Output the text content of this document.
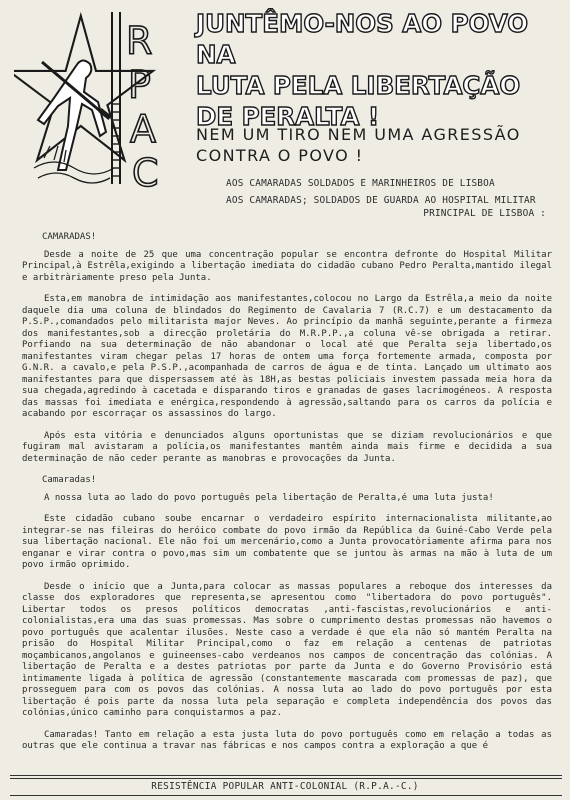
R
P
A
C
JUNTÊMO-NOS AO POVO NA
LUTA PELA LIBERTAÇÃO
DE PERALTA !
NEM UM TIRO NEM UMA AGRESSÃO
CONTRA O POVO !
AOS CAMARADAS SOLDADOS E MARINHEIROS DE LISBOA
AOS CAMARADAS; SOLDADOS DE GUARDA AO HOSPITAL MILITAR
PRINCIPAL DE LISBOA :

CAMARADAS!

Desde a noite de 25 que uma concentração popular se encontra defronte do Hospital Militar Principal,à Estrêla,exigindo a libertação imediata do cidadão cubano Pedro Peralta,mantido ilegal e arbitràriamente preso pela Junta.

Esta,em manobra de intimidação aos manifestantes,colocou no Largo da Estrêla,a meio da noite daquele dia uma coluna de blindados do Regimento de Cavalaria 7 (R.C.7) e um destacamento da P.S.P.,comandados pelo militarista major Neves. Ao princípio da manhã seguinte,perante a firmeza dos manifestantes,sob a direcção proletária do M.R.P.P.,a coluna vê-se obrigada a retirar. Porfiando na sua determinação de não abandonar o local até que Peralta seja libertado,os manifestantes viram chegar pelas 17 horas de ontem uma força fortemente armada, composta por G.N.R. a cavalo,e pela P.S.P.,acompanhada de carros de água e de tinta. Lançado um ultimato aos manifestantes para que dispersassem até às 18H,as bestas policiais investem passada meia hora da sua chegada,agredindo à cacetada e disparando tiros e granadas de gases lacrimogéneos. A resposta das massas foi imediata e enérgica,respondendo à agressão,saltando para os carros da polícia e acabando por escorraçar os assassinos do largo.

Após esta vitória e denunciados alguns oportunistas que se diziam revolucionários e que fugiram mal avistaram a polícia,os manifestantes mantêm ainda mais firme e decidida a sua determinação de não ceder perante as manobras e provocações da Junta.

Camaradas!

A nossa luta ao lado do povo português pela libertação de Peralta,é uma luta justa!

Este cidadão cubano soube encarnar o verdadeiro espírito internacionalista militante,ao integrar-se nas fileiras do heróico combate do povo irmão da República da Guiné-Cabo Verde pela sua libertação nacional. Ele não foi um mercenário,como a Junta provocatòriamente afirma para nos enganar e virar contra o povo,mas sim um combatente que se juntou às armas na mão à luta de um povo irmão oprimido.

Desde o início que a Junta,para colocar as massas populares a reboque dos interesses da classe dos exploradores que representa,se apresentou como "libertadora do povo português". Libertar todos os presos políticos democratas ,anti-fascistas,revolucionários e anti-colonialistas,era uma das suas promessas. Mas sobre o cumprimento destas promessas não havemos o povo português que acalentar ilusões. Neste caso a verdade é que ela não só mantém Peralta na prisão do Hospital Militar Principal,como o faz em relação a centenas de patriotas moçambicanos,angolanos e guineenses-cabo verdeanos nos campos de concentração das colónias. A libertação de Peralta e a destes patriotas por parte da Junta e do Governo Provisório está ìntimamente ligada à política de agressão (constantemente mascarada com promessas de paz), que prosseguem para com os povos das colónias. A nossa luta ao lado do povo português por esta libertação é pois parte da nossa luta pela separação e completa independência dos povos das colónias,único caminho para conquistarmos a paz.

Camaradas! Tanto em relação a esta justa luta do povo português como em relação a todas as outras que ele continua a travar nas fábricas e nos campos contra a exploração a que é

RESISTÊNCIA POPULAR ANTI-COLONIAL (R.P.A.-C.)
